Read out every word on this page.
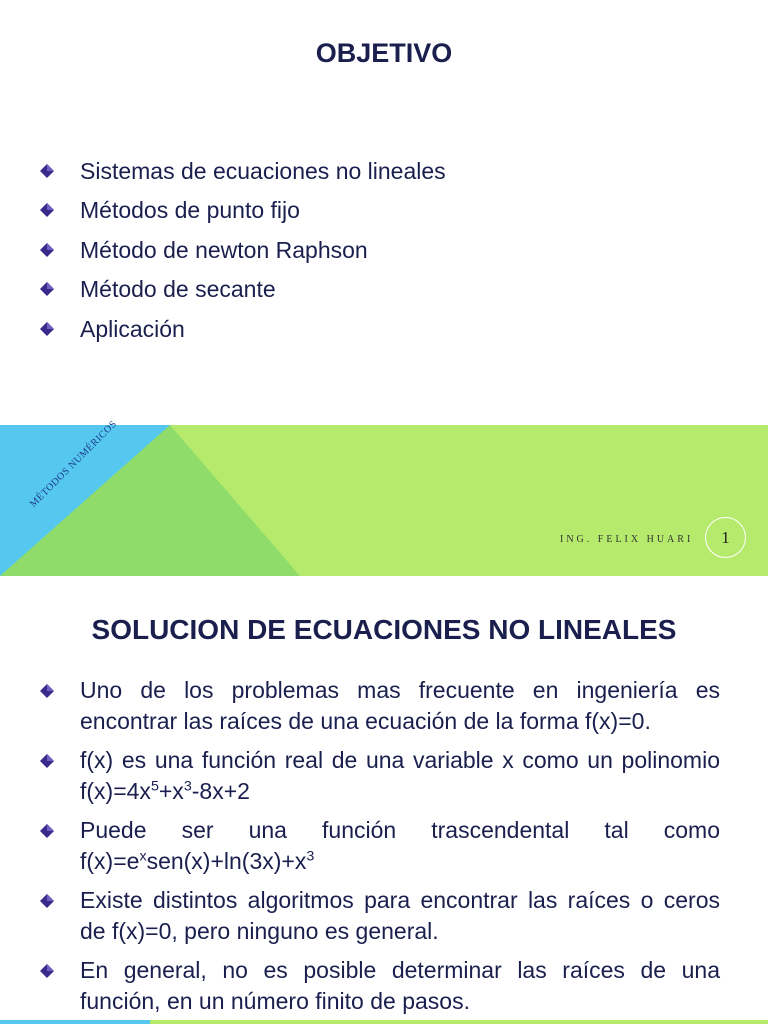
OBJETIVO
Sistemas de ecuaciones no lineales
Métodos de punto fijo
Método de newton Raphson
Método de secante
Aplicación
MÉTODOS NUMÉRICOS
ING. FELIX HUARI	1
SOLUCION DE ECUACIONES NO LINEALES
Uno de los problemas mas frecuente en ingeniería es encontrar las raíces de una ecuación de la forma f(x)=0.
f(x) es una función real de una variable x como un polinomio $f(x)=4x^5+x^3-8x+2$
Puede ser una función trascendental tal como $f(x)=e^xsen(x)+\ln(3x)+x^3$
Existe distintos algoritmos para encontrar las raíces o ceros de f(x)=0, pero ninguno es general.
En general, no es posible determinar las raíces de una función, en un número finito de pasos.
